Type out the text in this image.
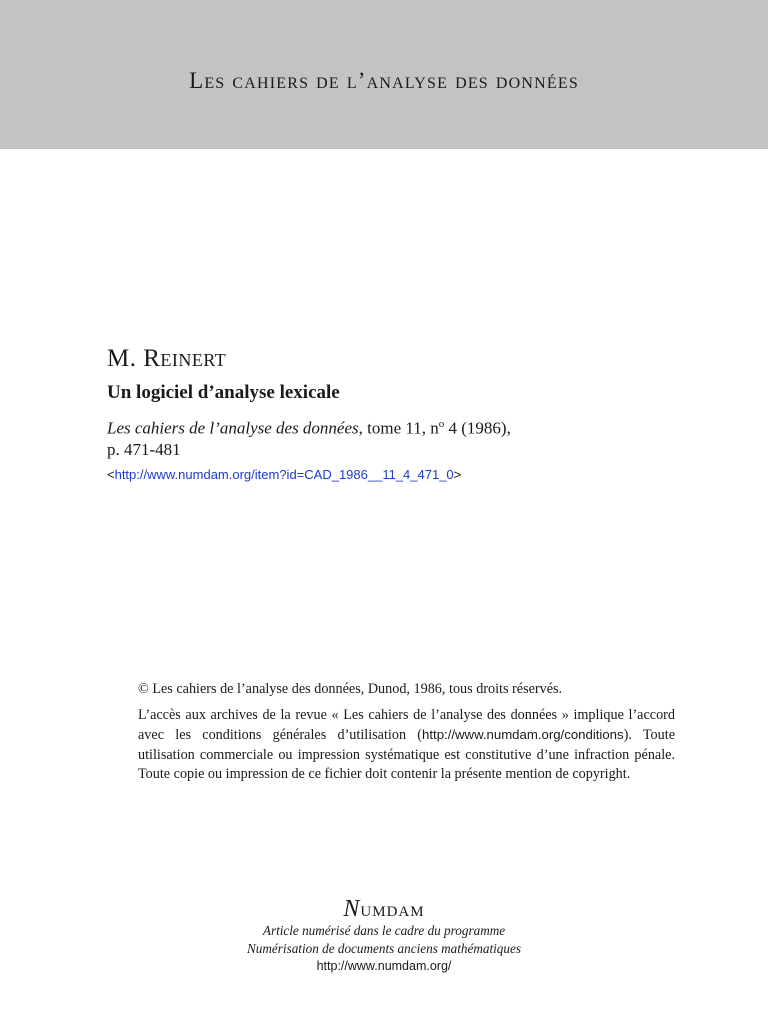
Les cahiers de l’analyse des données

M. Reinert

Un logiciel d’analyse lexicale

Les cahiers de l’analyse des données, tome 11, $n^o$ 4 (1986),
p. 471-481

<http://www.numdam.org/item?id=CAD_1986__11_4_471_0>

© Les cahiers de l’analyse des données, Dunod, 1986, tous droits réservés.

L’accès aux archives de la revue « Les cahiers de l’analyse des données » implique l’accord avec les conditions générales d’utilisation (http://www.numdam.org/conditions). Toute utilisation commerciale ou impression systématique est constitutive d’une infraction pénale. Toute copie ou impression de ce fichier doit contenir la présente mention de copyright.

Numdam
Article numérisé dans le cadre du programme
Numérisation de documents anciens mathématiques
http://www.numdam.org/
